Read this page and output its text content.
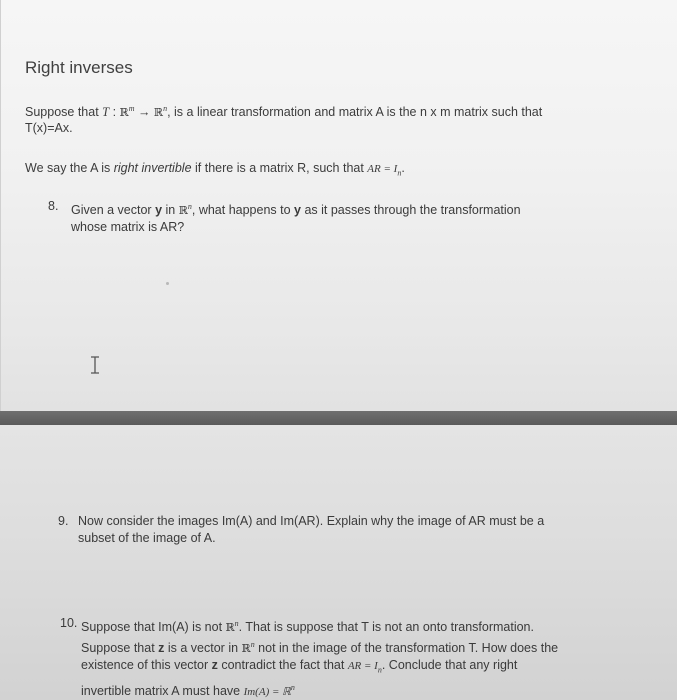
Right inverses
Suppose that T : ℝ$^m$ → ℝ$^n$, is a linear transformation and matrix A is the n x m matrix such that
T(x)=Ax.
We say the A is right invertible if there is a matrix R, such that AR = $I_n$.
8. Given a vector y in ℝ$^n$, what happens to y as it passes through the transformation
whose matrix is AR?
9. Now consider the images Im(A) and Im(AR). Explain why the image of AR must be a
subset of the image of A.
10. Suppose that Im(A) is not ℝ$^n$. That is suppose that T is not an onto transformation.
Suppose that z is a vector in ℝ$^n$ not in the image of the transformation T. How does the
existence of this vector z contradict the fact that AR = $I_n$. Conclude that any right
invertible matrix A must have Im(A) = ℝ$^n$
